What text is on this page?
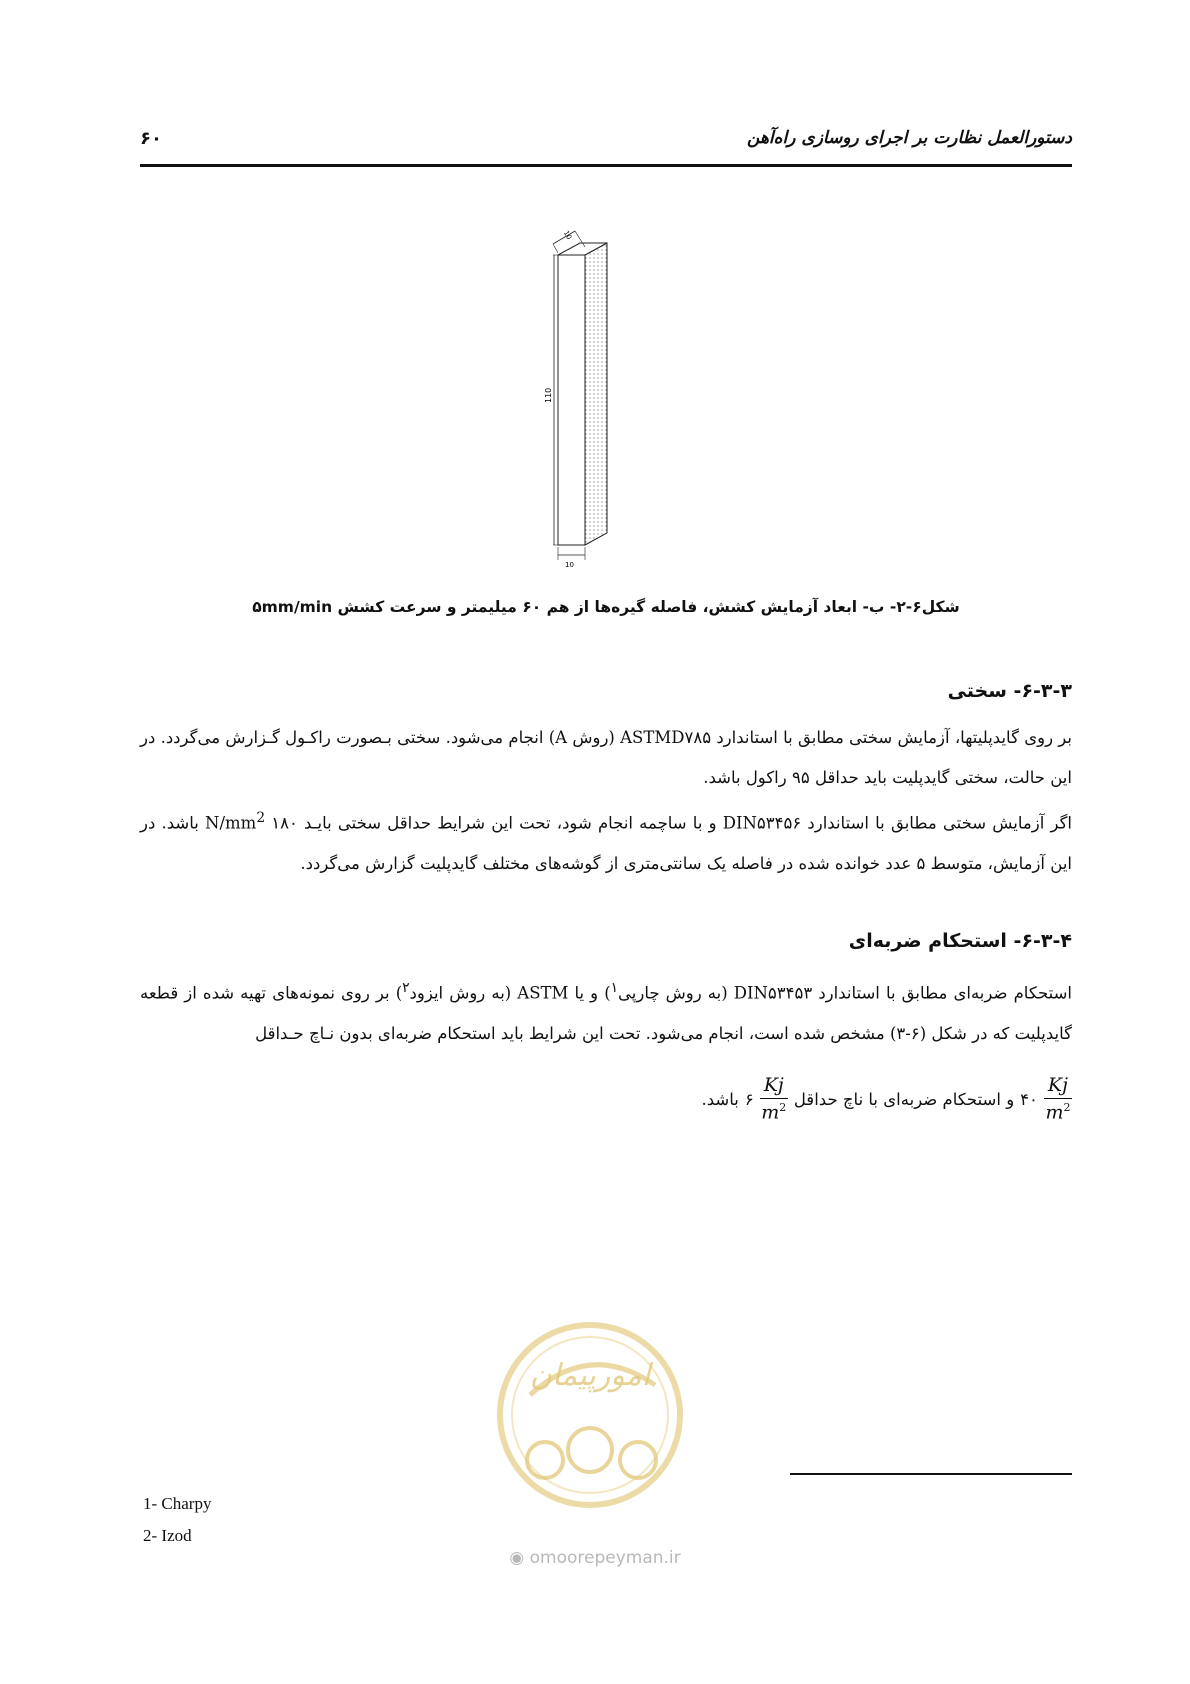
دستورالعمل نظارت بر اجرای روسازی راه‌آهن
۶۰
10
110
10
شکل۶-۲- ب- ابعاد آزمایش کشش، فاصله گیره‌ها از هم ۶۰ میلیمتر و سرعت کشش ۵mm/min
۶-۳-۳- سختی

بر روی گایدپلیتها، آزمایش سختی مطابق با استاندارد ASTMD۷۸۵ (روش A) انجام می‌شود. سختی بـصورت راکـول گـزارش می‌گردد. در این حالت، سختی گایدپلیت باید حداقل ۹۵ راکول باشد.

اگر آزمایش سختی مطابق با استاندارد DIN۵۳۴۵۶ و با ساچمه انجام شود، تحت این شرایط حداقل سختی بایـد ۱۸۰ $N/mm^2$ باشد. در این آزمایش، متوسط ۵ عدد خوانده شده در فاصله یک سانتی‌متری از گوشه‌های مختلف گایدپلیت گزارش می‌گردد.

۶-۳-۴- استحکام ضربه‌ای

استحکام ضربه‌ای مطابق با استاندارد DIN۵۳۴۵۳ (به روش چارپی$^۱$) و یا ASTM (به روش ایزود$^۲$) بر روی نمونه‌های تهیه شده از قطعه گایدپلیت که در شکل (۶-۳) مشخص شده است، انجام می‌شود. تحت این شرایط باید استحکام ضربه‌ای بدون نـاچ حـداقل

$\frac{Kj}{m^2}$
۴۰
و استحکام ضربه‌ای با ناچ حداقل
$\frac{Kj}{m^2}$
۶
باشد.
امورپیمان
◉ omoorepeyman.ir
1- Charpy
2- Izod
